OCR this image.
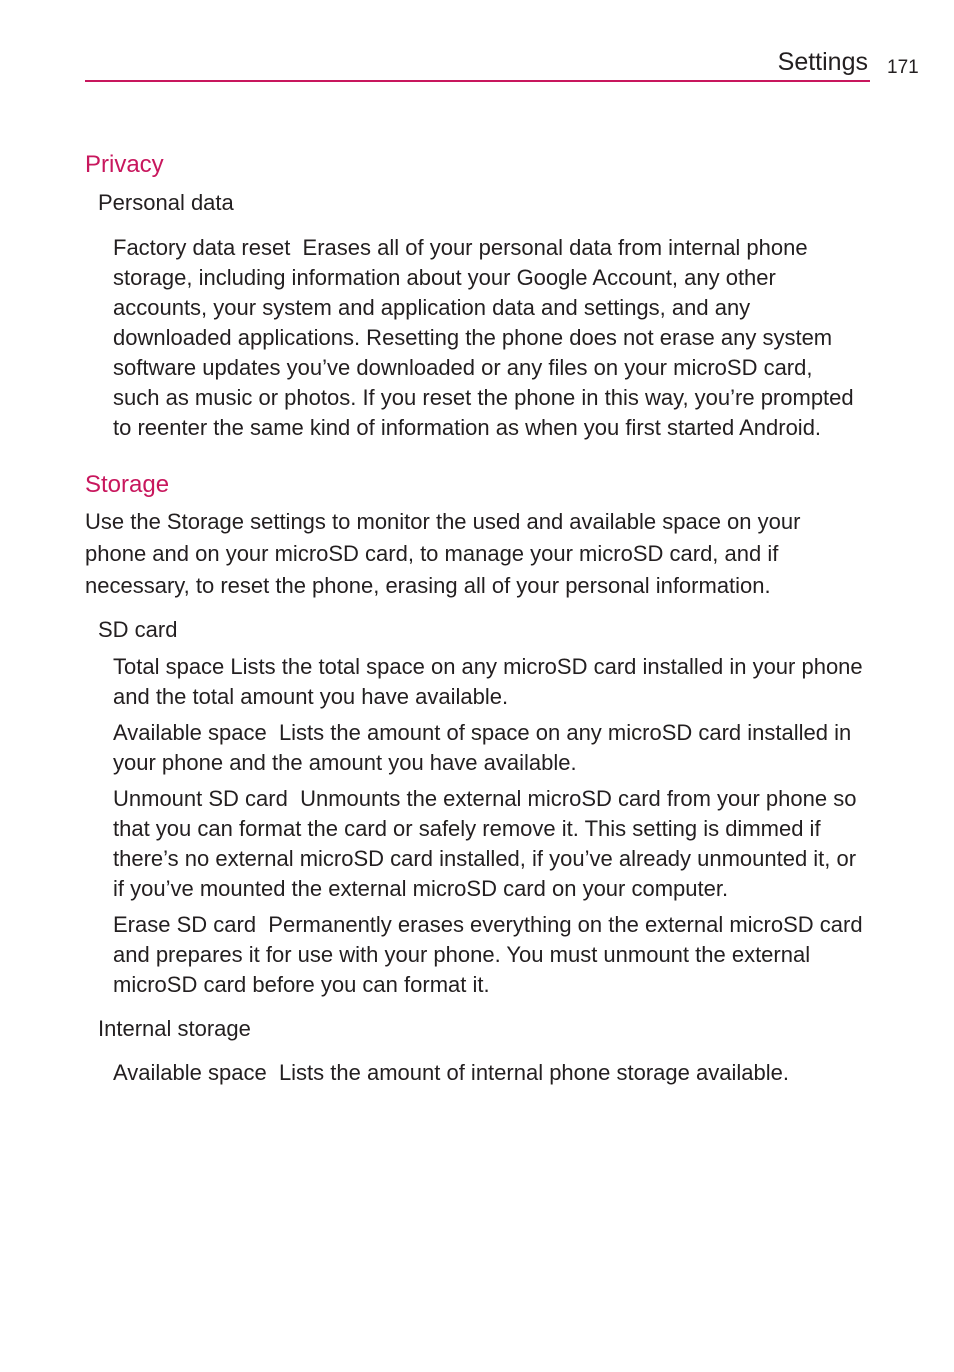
Settings 171
Privacy
Personal data
Factory data reset Erases all of your personal data from internal phone storage, including information about your Google Account, any other accounts, your system and application data and settings, and any downloaded applications. Resetting the phone does not erase any system software updates you’ve downloaded or any files on your microSD card, such as music or photos. If you reset the phone in this way, you’re prompted to reenter the same kind of information as when you first started Android.
Storage
Use the Storage settings to monitor the used and available space on your phone and on your microSD card, to manage your microSD card, and if necessary, to reset the phone, erasing all of your personal information.
SD card
Total space Lists the total space on any microSD card installed in your phone and the total amount you have available.
Available space Lists the amount of space on any microSD card installed in your phone and the amount you have available.
Unmount SD card Unmounts the external microSD card from your phone so that you can format the card or safely remove it. This setting is dimmed if there’s no external microSD card installed, if you’ve already unmounted it, or if you’ve mounted the external microSD card on your computer.
Erase SD card Permanently erases everything on the external microSD card and prepares it for use with your phone. You must unmount the external microSD card before you can format it.
Internal storage
Available space Lists the amount of internal phone storage available.
